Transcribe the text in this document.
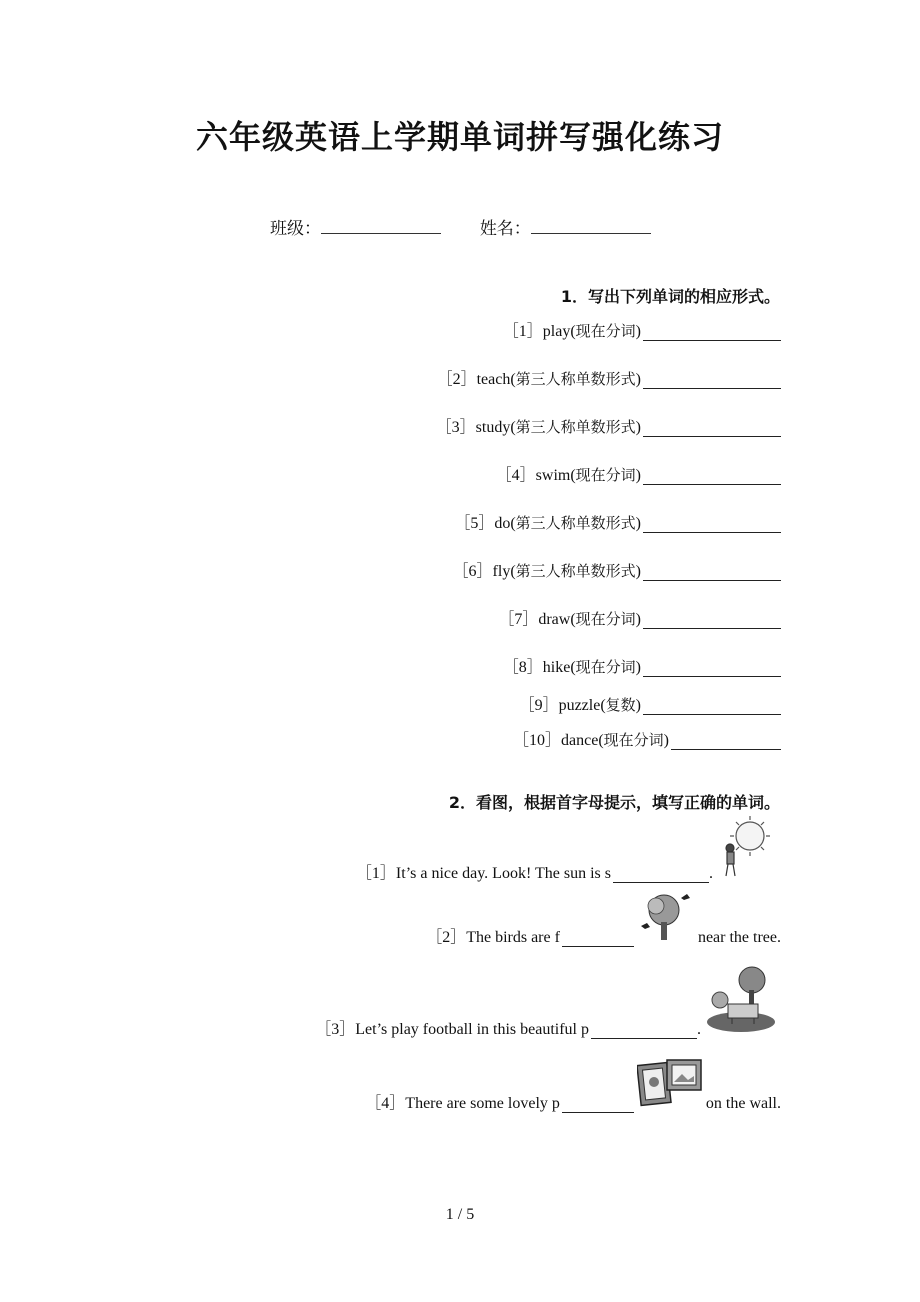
六年级英语上学期单词拼写强化练习
班级：	姓名：
1．写出下列单词的相应形式。
［1］ play( 现在分词 )
［2］ teach( 第三人称单数形式 )
［3］ study( 第三人称单数形式 )
［4］ swim( 现在分词 )
［5］ do( 第三人称单数形式 )
［6］ fly( 第三人称单数形式 )
［7］ draw( 现在分词 )
［8］ hike( 现在分词 )
［9］ puzzle( 复数 )
［10］ dance( 现在分词 )
2．看图，根据首字母提示，填写正确的单词。
［1］ It’s a nice day. Look! The sun is s	.
［2］ The birds are f	near the tree.
［3］ Let’s play football in this beautiful p	.
［4］ There are some lovely p	on the wall.
1 / 5
